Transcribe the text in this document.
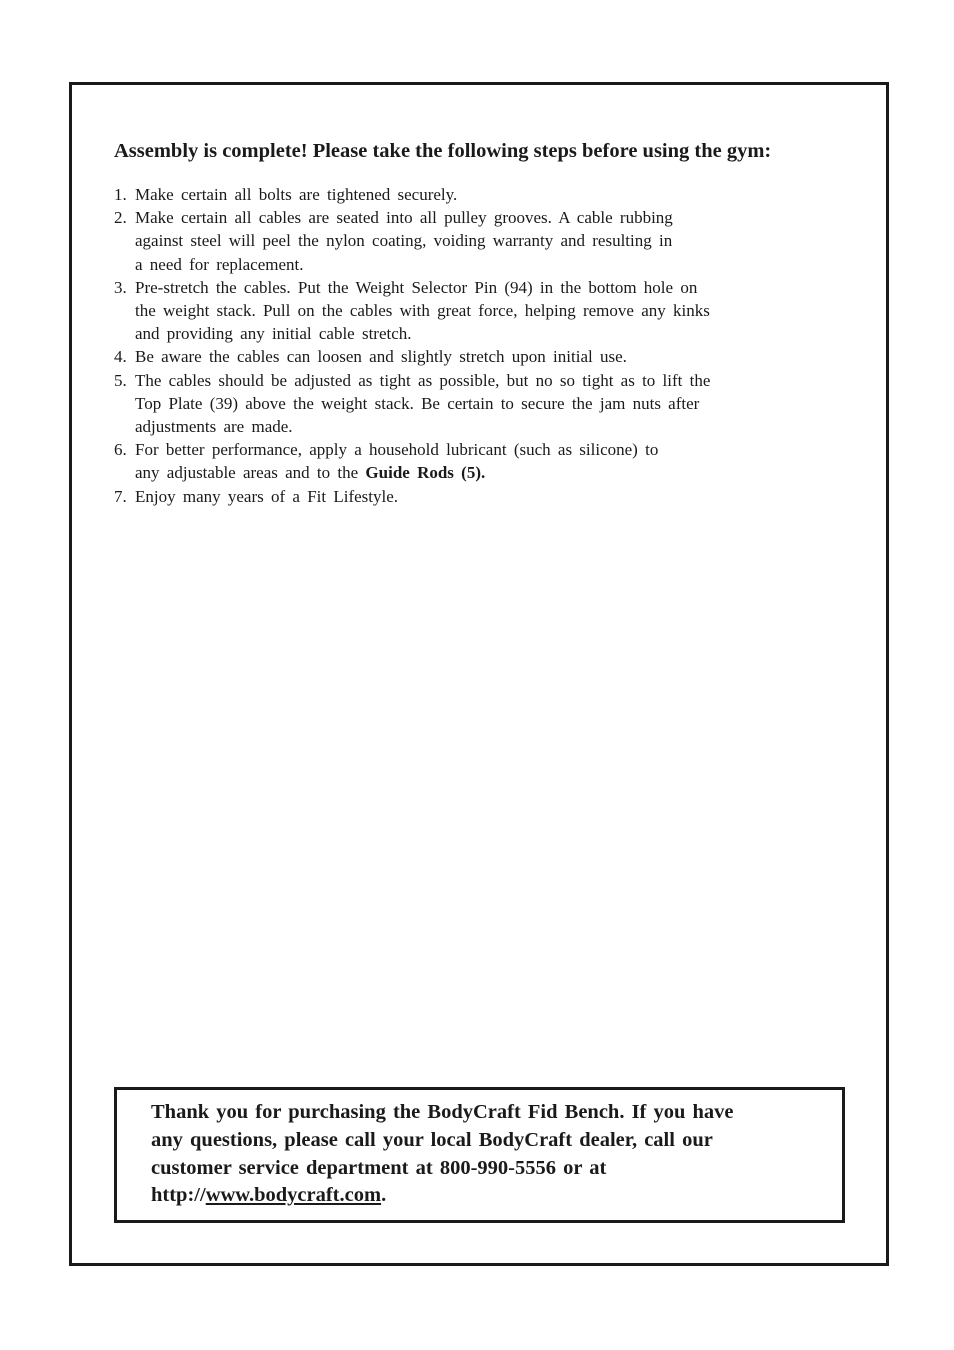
Assembly is complete! Please take the following steps before using the gym:
1. Make certain all bolts are tightened securely.
2. Make certain all cables are seated into all pulley grooves. A cable rubbing
against steel will peel the nylon coating, voiding warranty and resulting in
a need for replacement.
3. Pre-stretch the cables. Put the Weight Selector Pin (94) in the bottom hole on
the weight stack. Pull on the cables with great force, helping remove any kinks
and providing any initial cable stretch.
4. Be aware the cables can loosen and slightly stretch upon initial use.
5. The cables should be adjusted as tight as possible, but no so tight as to lift the
Top Plate (39) above the weight stack. Be certain to secure the jam nuts after
adjustments are made.
6. For better performance, apply a household lubricant (such as silicone) to
any adjustable areas and to the Guide Rods (5).
7. Enjoy many years of a Fit Lifestyle.

Thank you for purchasing the BodyCraft Fid Bench. If you have
any questions, please call your local BodyCraft dealer, call our
customer service department at 800-990-5556 or at
http://www.bodycraft.com.
